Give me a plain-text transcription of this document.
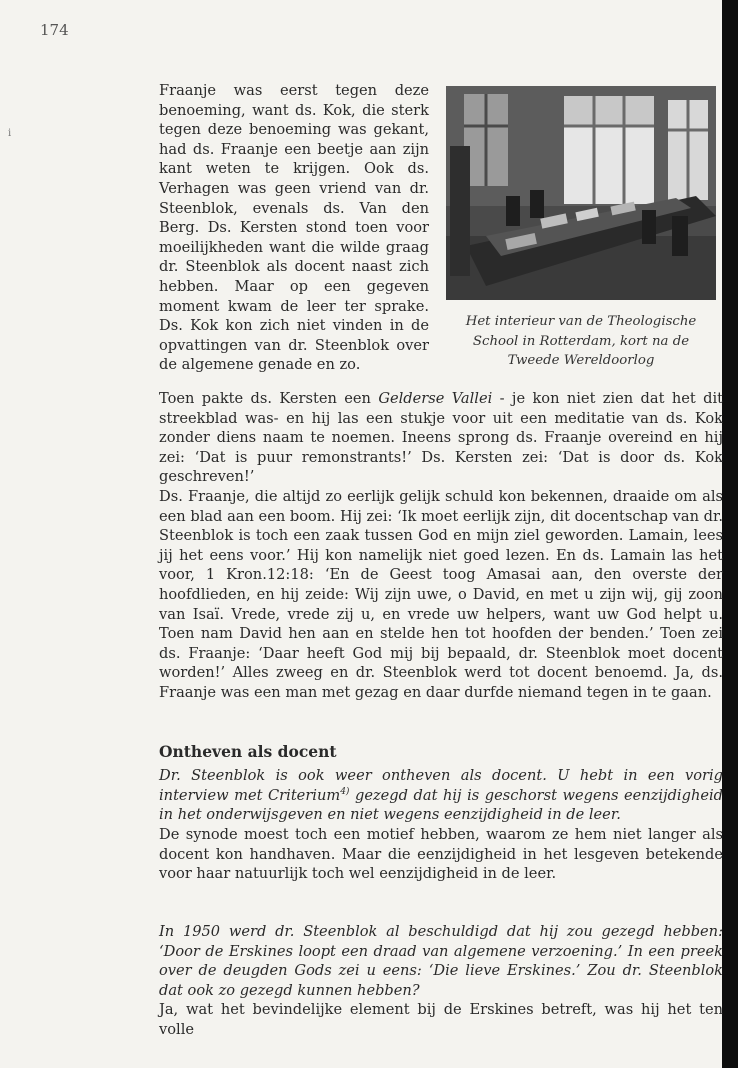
174
i
Het interieur van de Theologische School in Rotterdam, kort na de Tweede Wereldoorlog

Fraanje was eerst tegen deze benoeming, want ds. Kok, die sterk tegen deze benoeming was gekant, had ds. Fraanje een beetje aan zijn kant weten te krijgen. Ook ds. Verhagen was geen vriend van dr. Steenblok, evenals ds. Van den Berg. Ds. Kersten stond toen voor moeilijkheden want die wilde graag dr. Steenblok als docent naast zich hebben. Maar op een gegeven moment kwam de leer ter sprake. Ds. Kok kon zich niet vinden in de opvattingen van dr. Steenblok over de algemene genade en zo.

Toen pakte ds. Kersten een Gelderse Vallei - je kon niet zien dat het dit streekblad was- en hij las een stukje voor uit een meditatie van ds. Kok zonder diens naam te noemen. Ineens sprong ds. Fraanje overeind en hij zei: ‘Dat is puur remonstrants!’ Ds. Kersten zei: ‘Dat is door ds. Kok geschreven!’
Ds. Fraanje, die altijd zo eerlijk gelijk schuld kon bekennen, draaide om als een blad aan een boom. Hij zei: ‘Ik moet eerlijk zijn, dit docentschap van dr. Steenblok is toch een zaak tussen God en mijn ziel geworden. Lamain, lees jij het eens voor.’ Hij kon namelijk niet goed lezen. En ds. Lamain las het voor, 1 Kron.12:18: ‘En de Geest toog Amasai aan, den overste der hoofdlieden, en hij zeide: Wij zijn uwe, o David, en met u zijn wij, gij zoon van Isaï. Vrede, vrede zij u, en vrede uw helpers, want uw God helpt u. Toen nam David hen aan en stelde hen tot hoofden der benden.’ Toen zei ds. Fraanje: ‘Daar heeft God mij bij bepaald, dr. Steenblok moet docent worden!’ Alles zweeg en dr. Steenblok werd tot docent benoemd. Ja, ds. Fraanje was een man met gezag en daar durfde niemand tegen in te gaan.
Ontheven als docent

Dr. Steenblok is ook weer ontheven als docent. U hebt in een vorig interview met Criterium$^{4)}$ gezegd dat hij is geschorst wegens eenzijdigheid in het onderwijsgeven en niet wegens eenzijdigheid in de leer.

De synode moest toch een motief hebben, waarom ze hem niet langer als docent kon handhaven. Maar die eenzijdigheid in het lesgeven betekende voor haar natuurlijk toch wel eenzijdigheid in de leer.

In 1950 werd dr. Steenblok al beschuldigd dat hij zou gezegd hebben: ‘Door de Erskines loopt een draad van algemene verzoening.’ In een preek over de deugden Gods zei u eens: ‘Die lieve Erskines.’ Zou dr. Steenblok dat ook zo gezegd kunnen hebben?

Ja, wat het bevindelijke element bij de Erskines betreft, was hij het ten volle
